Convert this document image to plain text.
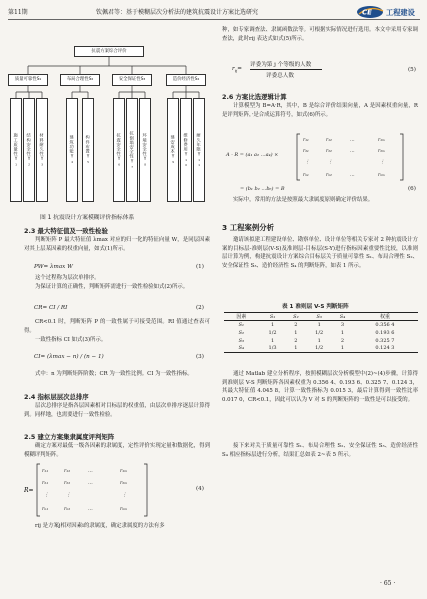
第11期	钦佩君等：基于模糊层次分析法的建筑抗震设计方案比选研究	CE 工程建设
抗震方案综合评价
质量可靠性S₁	布局合理性S₂	安全保证性S₃	造价经济性S₄
施工质量性Y₁	结构安全性Y₂	材料耐久性Y₃	建筑功能Y₄	构件布置Y₅	抗震安全性Y₆	抗倒塌安全性Y₇	环境安全性Y₈	建安成本Y₉	维修费用Y₁₀	耐久年限Y₁₁
图 1 抗震设计方案模糊评价指标体系
2.3 最大特征值及一致性检验
判断矩阵 P 最大特征值 λmax 对应的归一化的特征向量 W，是同层因素对其上层某因素的权重向量，如式(1)所示。
PW= λmax W	(1)
这个过程称为层次单排序。
为保证计算的正确性，判断矩阵需进行一致性检验如式(2)所示。
CR= CI / RI	(2)
CR<0.1 时，判断矩阵 P 的一致性属于可接受范围。RI 值通过查表可得。
一致性指标 CI 如式(3)所示。
CI= (λmax − n) / (n − 1)	(3)
式中：n 为判断矩阵阶数；CR 为一致性比例。CI 为一致性指标。
2.4 指标层层次总排序
层次总排序是指各层因素相对目标层的权重值，由层次单排序逐层计算得到。同样地，也需要进行一致性检验。
2.5 建立方案集隶属度评判矩阵
确定方案对最低一级各因素的隶属度，定性评价实现定量和数据化，得到模糊评判矩阵。
R=
r₁₁	r₁₂	…	r₁ₘ
r₂₁	r₂₂	…	r₂ₘ
⋮	⋮	⋮
rₙ₁	rₙ₂	…	rₙₘ
(4)
rij 是方案j相对因素i的隶属度，确定隶属度的方法有多
种，如专家调查法、隶属函数法等。可根据实际情况进行选用。本文中采用专家调查法，此时rij 表达式如式(5)所示。
$r_{ij}=$
评委为第 j 个等级的人数
评委总人数
(5)
2.6 方案比选逻辑计算
计算模型为 B=A·R，其中，B 是综合评价结果向量，A 是因素权重向量，R 是评判矩阵，·是合成运算符号，如式(6)所示。
A · R = (a₁ a₂ …a₄) ×
r₁₁	r₁₂	…	r₁ₘ
r₂₁	r₂₂	…	r₂ₘ
⋮	⋮	⋮
rₙ₁	rₙ₂	…	rₙₘ
= (b₁ b₂ …b₆) = B	(6)
实际中，常用的方法是按照最大隶属度原则确定评价结果。
3 工程案例分析
邀请该拟建工程建设单位、勘察单位、设计单位等相关专家对 2 种抗震设计方案的目标层-准则层(V-S)及准则层-目标层(S-Y)进行指标因素重要性比较，以准则层计算为例，构建抗震设计方案综合目标层关于质量可靠性 S₁、布局合理性 S₂、安全保证性 S₃、造价经济性 S₄ 的判断矩阵，如表 1 所示。
表 1 准则层 V-S 判断矩阵
因素	S₁	S₂	S₃	S₄	权重
S₁	1	2	1	3	0.356 4
S₂	1/2	1	1/2	1	0.193 6
S₃	1	2	1	2	0.325 7
S₄	1/3	1	1/2	1	0.124 3
通过 Matlab 建立分析程序，按照模糊层次分析模型中(2)~(4)步骤，计算得到准则层 V-S 判断矩阵各因素权重为 0.356 4、0.193 6、0.325 7、0.124 3，其最大特征值 4.045 8，计算一致性指标为 0.015 3，最后计算得到一致性比率 0.017 0，CR<0.1，因此可以认为 V 对 S 的判断矩阵的一致性是可以接受的。
接下来对关于质量可靠性 S₁、布局合理性 S₂、安全保证性 S₃、造价经济性 S₄ 相应指标层进行分析，结果汇总如表 2~表 5 所示。
· 65 ·
